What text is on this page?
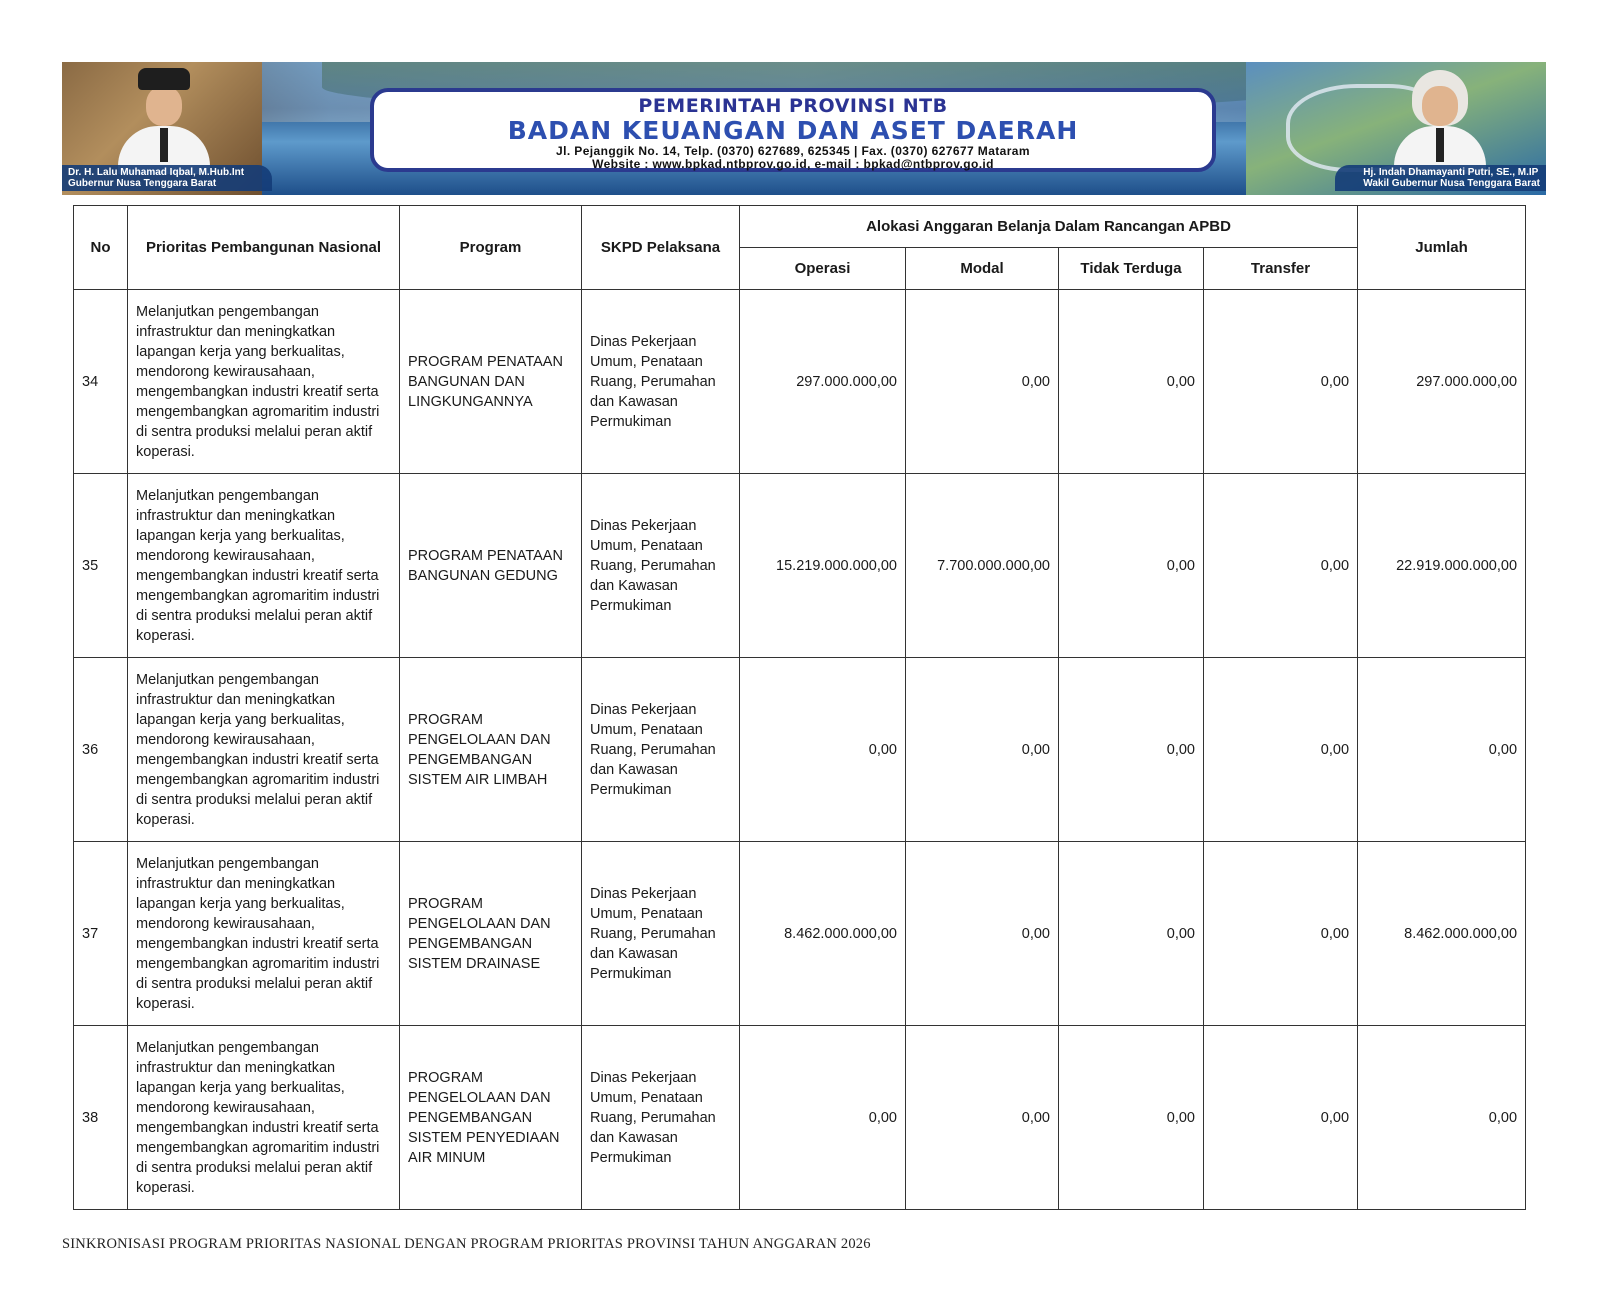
Dr. H. Lalu Muhamad Iqbal, M.Hub.Int
Gubernur Nusa Tenggara Barat
Hj. Indah Dhamayanti Putri, SE., M.IP
Wakil Gubernur Nusa Tenggara Barat
PEMERINTAH PROVINSI NTB
BADAN KEUANGAN DAN ASET DAERAH
Jl. Pejanggik No. 14, Telp. (0370) 627689, 625345 | Fax. (0370) 627677 Mataram
Website : www.bpkad.ntbprov.go.id, e-mail : bpkad@ntbprov.go.id
No	Prioritas Pembangunan Nasional	Program	SKPD Pelaksana	Alokasi Anggaran Belanja Dalam Rancangan APBD				Jumlah
				Operasi	Modal	Tidak Terduga	Transfer	
34	Melanjutkan pengembangan infrastruktur dan meningkatkan lapangan kerja yang berkualitas, mendorong kewirausahaan, mengembangkan industri kreatif serta mengembangkan agromaritim industri di sentra produksi melalui peran aktif koperasi.	PROGRAM PENATAAN BANGUNAN DAN LINGKUNGANNYA	Dinas Pekerjaan Umum, Penataan Ruang, Perumahan dan Kawasan Permukiman	297.000.000,00	0,00	0,00	0,00	297.000.000,00
35	Melanjutkan pengembangan infrastruktur dan meningkatkan lapangan kerja yang berkualitas, mendorong kewirausahaan, mengembangkan industri kreatif serta mengembangkan agromaritim industri di sentra produksi melalui peran aktif koperasi.	PROGRAM PENATAAN BANGUNAN GEDUNG	Dinas Pekerjaan Umum, Penataan Ruang, Perumahan dan Kawasan Permukiman	15.219.000.000,00	7.700.000.000,00	0,00	0,00	22.919.000.000,00
36	Melanjutkan pengembangan infrastruktur dan meningkatkan lapangan kerja yang berkualitas, mendorong kewirausahaan, mengembangkan industri kreatif serta mengembangkan agromaritim industri di sentra produksi melalui peran aktif koperasi.	PROGRAM PENGELOLAAN DAN PENGEMBANGAN SISTEM AIR LIMBAH	Dinas Pekerjaan Umum, Penataan Ruang, Perumahan dan Kawasan Permukiman	0,00	0,00	0,00	0,00	0,00
37	Melanjutkan pengembangan infrastruktur dan meningkatkan lapangan kerja yang berkualitas, mendorong kewirausahaan, mengembangkan industri kreatif serta mengembangkan agromaritim industri di sentra produksi melalui peran aktif koperasi.	PROGRAM PENGELOLAAN DAN PENGEMBANGAN SISTEM DRAINASE	Dinas Pekerjaan Umum, Penataan Ruang, Perumahan dan Kawasan Permukiman	8.462.000.000,00	0,00	0,00	0,00	8.462.000.000,00
38	Melanjutkan pengembangan infrastruktur dan meningkatkan lapangan kerja yang berkualitas, mendorong kewirausahaan, mengembangkan industri kreatif serta mengembangkan agromaritim industri di sentra produksi melalui peran aktif koperasi.	PROGRAM PENGELOLAAN DAN PENGEMBANGAN SISTEM PENYEDIAAN AIR MINUM	Dinas Pekerjaan Umum, Penataan Ruang, Perumahan dan Kawasan Permukiman	0,00	0,00	0,00	0,00	0,00
SINKRONISASI PROGRAM PRIORITAS NASIONAL DENGAN PROGRAM PRIORITAS PROVINSI TAHUN ANGGARAN 2026
